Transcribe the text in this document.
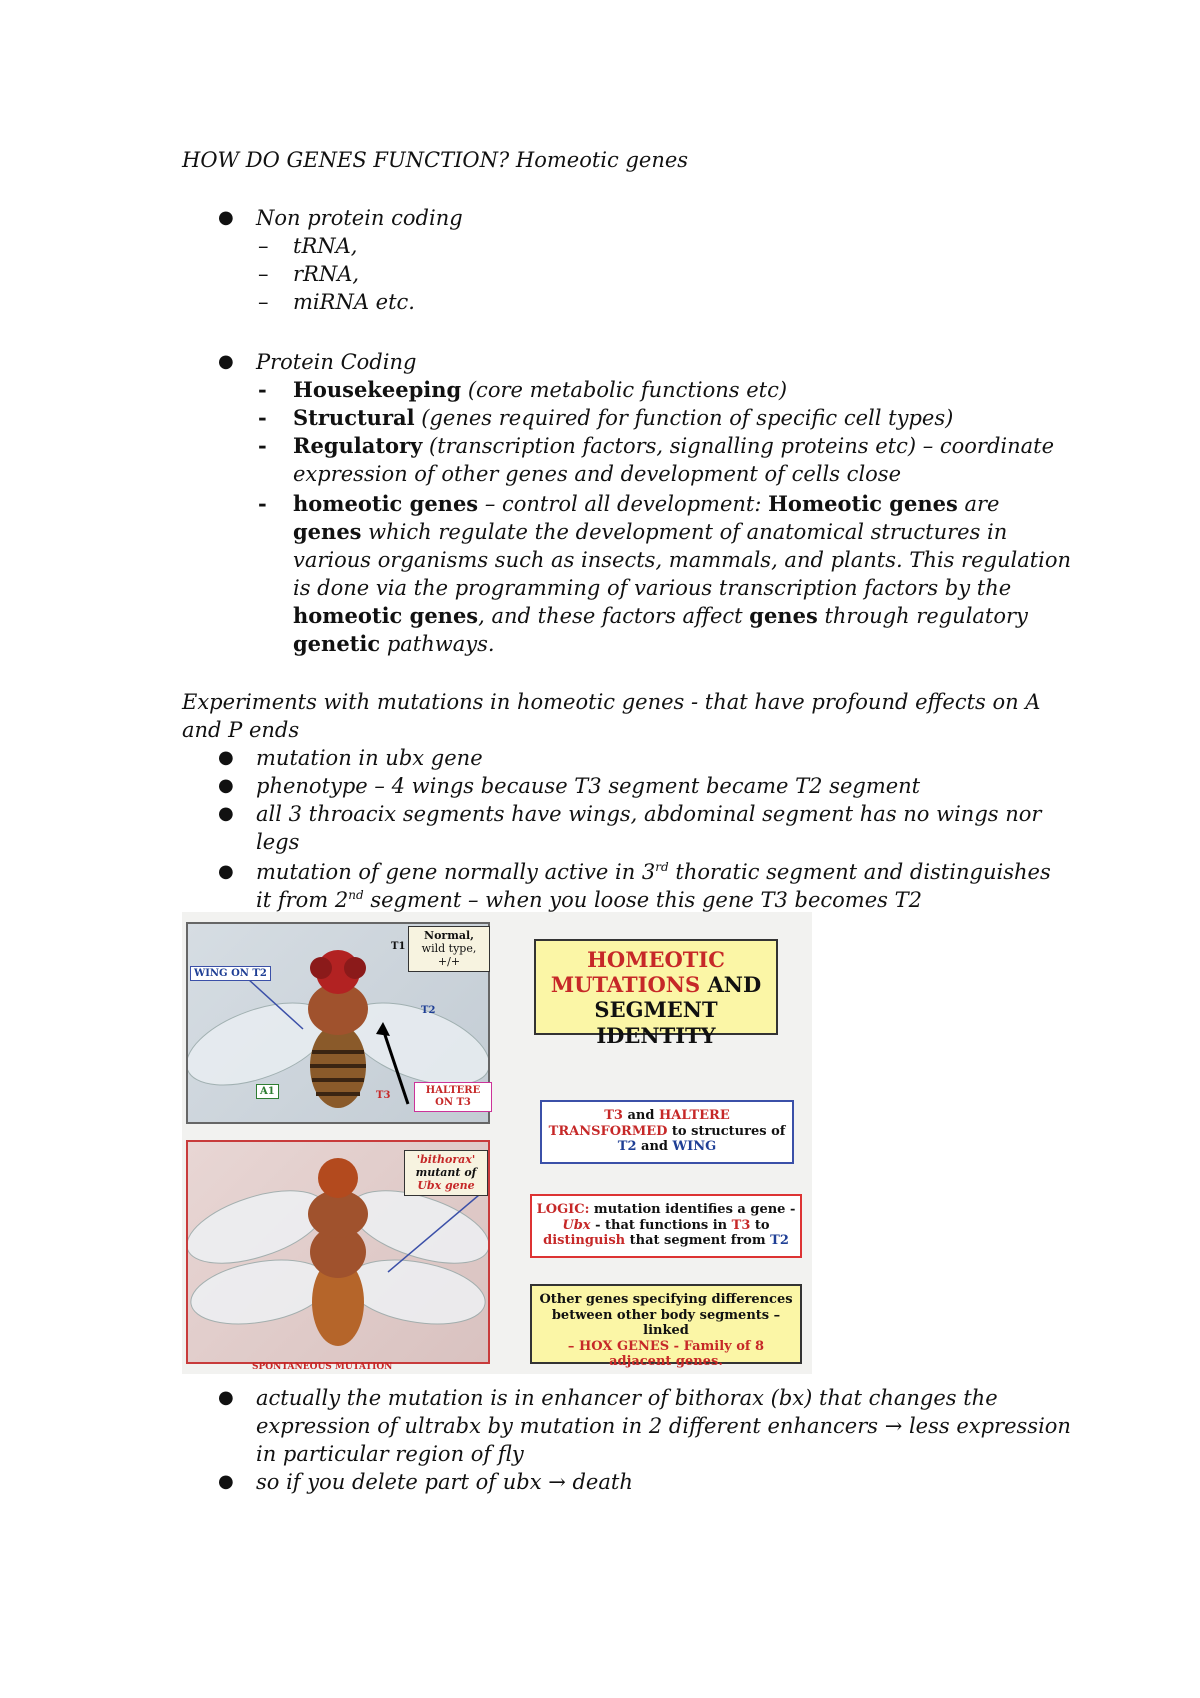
HOW DO GENES FUNCTION? Homeotic genes
● Non protein coding
– tRNA,
– rRNA,
– miRNA etc.
● Protein Coding
- Housekeeping (core metabolic functions etc)
- Structural (genes required for function of specific cell types)
- Regulatory (transcription factors, signalling proteins etc) – coordinate
expression of other genes and development of cells close
- homeotic genes – control all development: Homeotic genes are
genes which regulate the development of anatomical structures in
various organisms such as insects, mammals, and plants. This regulation
is done via the programming of various transcription factors by the
homeotic genes, and these factors affect genes through regulatory
genetic pathways.
Experiments with mutations in homeotic genes - that have profound effects on A
and P ends
● mutation in ubx gene
● phenotype – 4 wings because T3 segment became T2 segment
● all 3 throacix segments have wings, abdominal segment has no wings nor
legs
● mutation of gene normally active in 3rd thoratic segment and distinguishes
it from 2nd segment – when you loose this gene T3 becomes T2
WING ON T2
A1
T1
T2
T3
Normal,
wild type,
+/+
HALTERE
ON T3
'bithorax'
mutant of
Ubx gene
SPONTANEOUS MUTATION
HOMEOTIC
MUTATIONS AND
SEGMENT
IDENTITY
T3 and HALTERE
TRANSFORMED to structures of
T2 and WING
LOGIC: mutation identifies a gene -
Ubx - that functions in T3 to
distinguish that segment from T2
Other genes specifying differences
between other body segments – linked
– HOX GENES - Family of 8
adjacent genes.
● actually the mutation is in enhancer of bithorax (bx) that changes the
expression of ultrabx by mutation in 2 different enhancers → less expression
in particular region of fly
● so if you delete part of ubx → death
